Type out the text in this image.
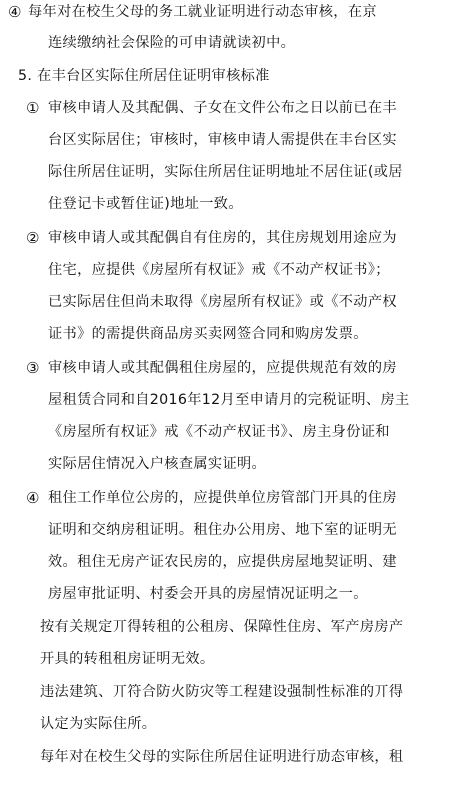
④ 每年对在校生父母的务工就业证明进行动态审核，在京
连续缴纳社会保险的可申请就读初中。
5. 在丰台区实际住所居住证明审核标准
① 审核申请人及其配偶、子女在文件公布之日以前已在丰
台区实际居住；审核时，审核申请人需提供在丰台区实
际住所居住证明，实际住所居住证明地址不居住证(或居
住登记卡或暂住证)地址一致。
② 审核申请人或其配偶自有住房的，其住房规划用途应为
住宅，应提供《房屋所有权证》戒《不动产权证书》；
已实际居住但尚未取得《房屋所有权证》或《不动产权
证书》的需提供商品房买卖网签合同和购房发票。
③ 审核申请人或其配偶租住房屋的，应提供规范有效的房
屋租赁合同和自2016年12月至申请月的完税证明、房主
《房屋所有权证》戒《不动产权证书》、房主身份证和
实际居住情况入户核查属实证明。
④ 租住工作单位公房的，应提供单位房管部门开具的住房
证明和交纳房租证明。租住办公用房、地下室的证明无
效。租住无房产证农民房的，应提供房屋地契证明、建
房屋审批证明、村委会开具的房屋情况证明之一。
按有关规定丌得转租的公租房、保障性住房、军产房房产
开具的转租租房证明无效。
违法建筑、丌符合防火防灾等工程建设强制性标准的丌得
认定为实际住所。
每年对在校生父母的实际住所居住证明进行劢态审核，租
